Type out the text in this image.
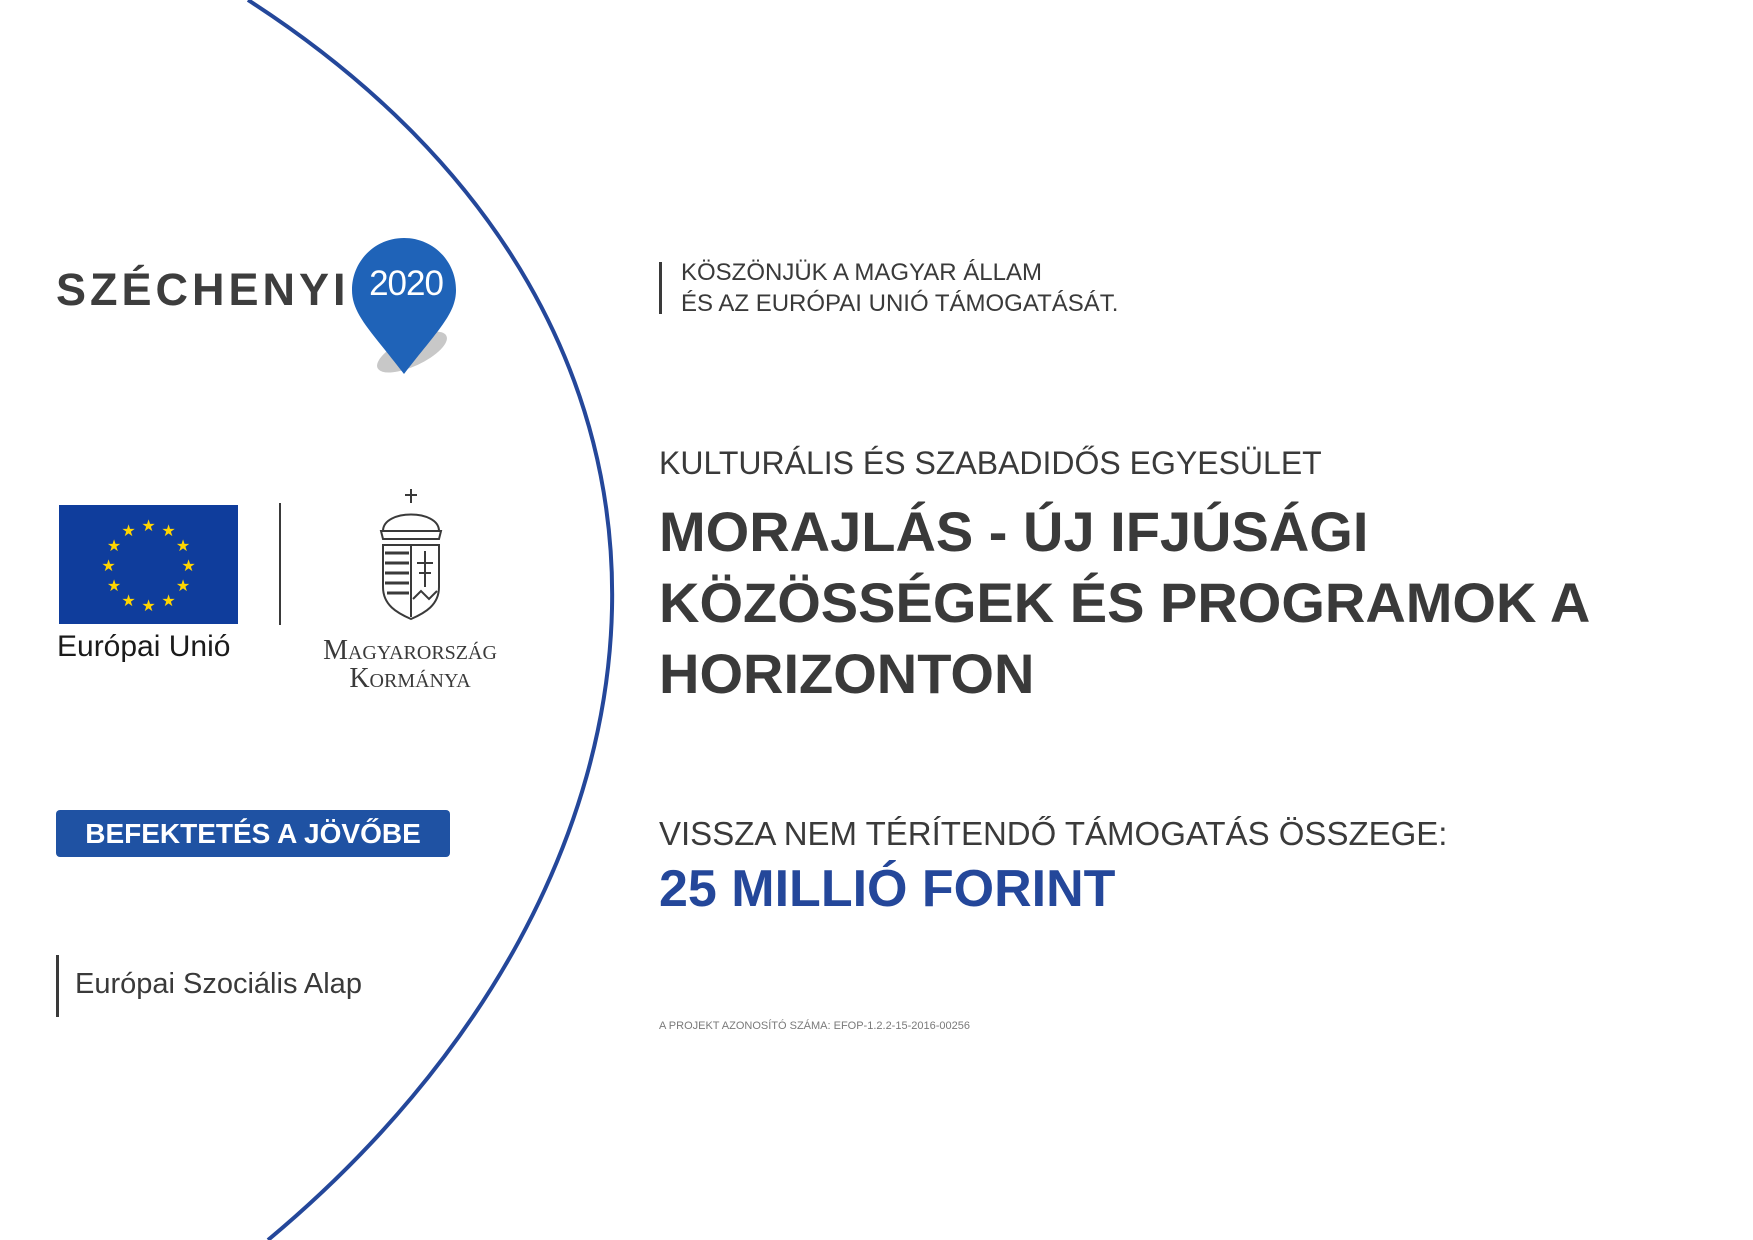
SZÉCHENYI 2020
★ ★
★
★
★
★
★
★
★
★
★
★
Európai Unió	Magyarország
Kormánya
BEFEKTETÉS A JÖVŐBE
Európai Szociális Alap
KÖSZÖNJÜK A MAGYAR ÁLLAM
ÉS AZ EURÓPAI UNIÓ TÁMOGATÁSÁT.
KULTURÁLIS ÉS SZABADIDŐS EGYESÜLET
MORAJLÁS - ÚJ IFJÚSÁGI
KÖZÖSSÉGEK ÉS PROGRAMOK A
HORIZONTON
VISSZA NEM TÉRÍTENDŐ TÁMOGATÁS ÖSSZEGE:
25 MILLIÓ FORINT
A PROJEKT AZONOSÍTÓ SZÁMA: EFOP-1.2.2-15-2016-00256
